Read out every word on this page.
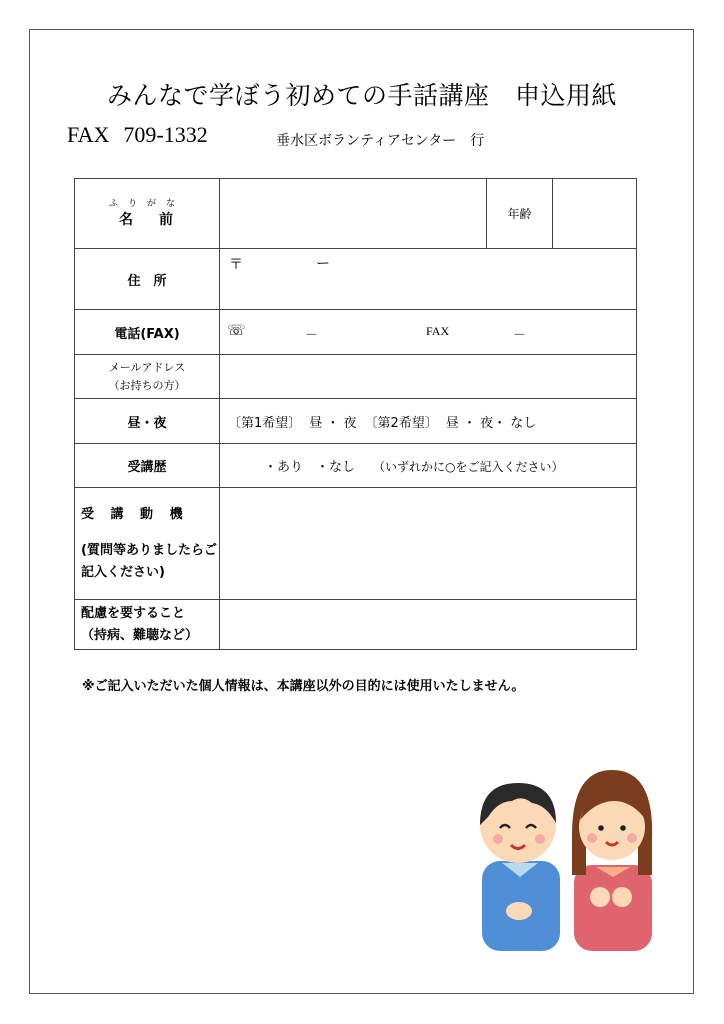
みんなで学ぼう初めての手話講座　申込用紙
FAX 709-1332	垂水区ボランティアセンター 行
ふりがな
名前		年齢	
住　所	〒 ー		

電話(FAX)	☏ － FAX －		

メールアドレス
（お持ちの方）			

昼・夜	〔第1希望〕 昼 ・ 夜 〔第2希望〕 昼 ・ 夜・ なし		
受講歴	・あり　・なし （いずれかに○をご記入ください）		

受 講 動 機
(質問等ありましたらご記入ください)			

配慮を要すること
（持病、難聴など）			

※ご記入いただいた個人情報は、本講座以外の目的には使用いたしません。
